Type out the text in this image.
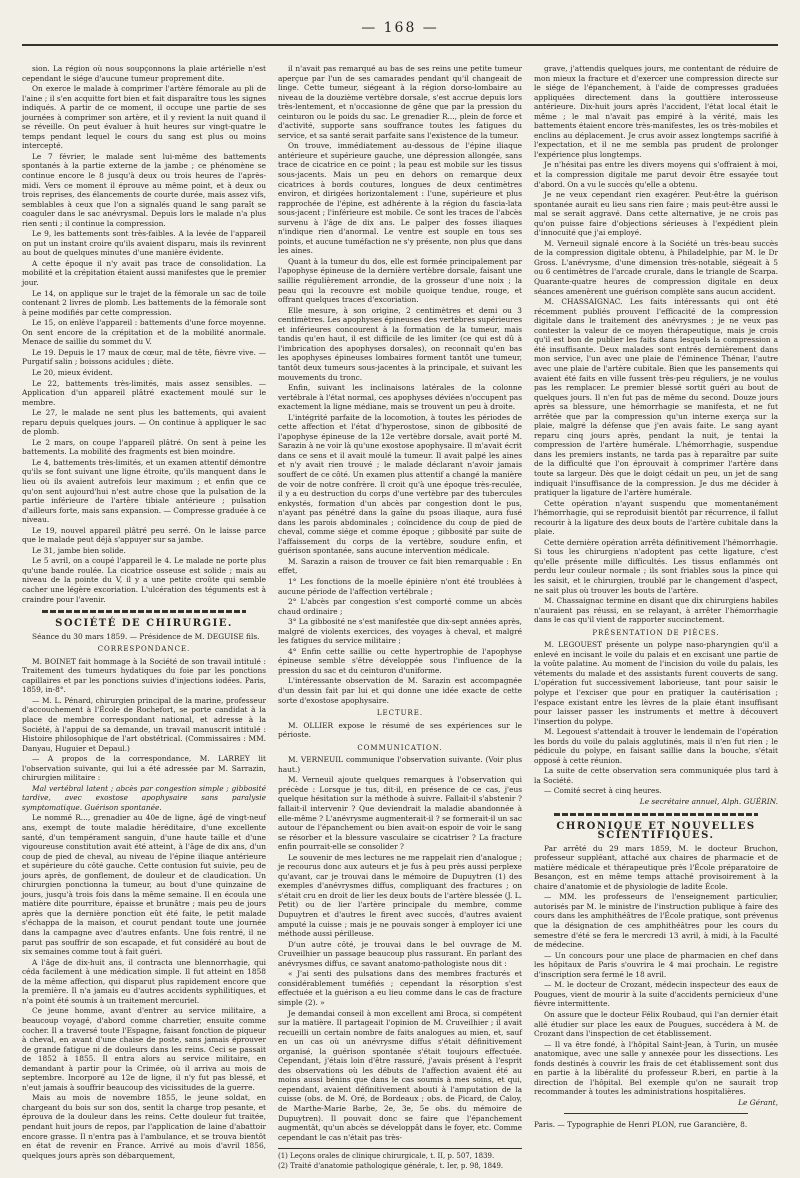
— 168 —

sion. La région où nous soupçonnons la plaie artérielle n'est cependant le siége d'aucune tumeur proprement dite.

On exerce le malade à comprimer l'artère fémorale au pli de l'aine ; il s'en acquitte fort bien et fait disparaître tous les signes indiqués. A partir de ce moment, il occupe une partie de ses journées à comprimer son artère, et il y revient la nuit quand il se réveille. On peut évaluer à huit heures sur vingt-quatre le temps pendant lequel le cours du sang est plus ou moins intercepté.

Le 7 février, le malade sent lui-même des battements spontanés à la partie externe de la jambe ; ce phénomène se continue encore le 8 jusqu'à deux ou trois heures de l'après-midi. Vers ce moment il éprouve au même point, et à deux ou trois reprises, des élancements de courte durée, mais assez vifs, semblables à ceux que l'on a signalés quand le sang paraît se coaguler dans le sac anévrysmal. Depuis lors le malade n'a plus rien senti ; il continue la compression.

Le 9, les battements sont très-faibles. A la levée de l'appareil on put un instant croire qu'ils avaient disparu, mais ils revinrent au bout de quelques minutes d'une manière évidente.

A cette époque il n'y avait pas trace de consolidation. La mobilité et la crépitation étaient aussi manifestes que le premier jour.

Le 14, on applique sur le trajet de la fémorale un sac de toile contenant 2 livres de plomb. Les battements de la fémorale sont à peine modifiés par cette compression.

Le 15, on enlève l'appareil : battements d'une force moyenne. On sent encore de la crépitation et de la mobilité anormale. Menace de saillie du sommet du V.

Le 19. Depuis le 17 maux de cœur, mal de tête, fièvre vive. — Purgatif salin ; boissons acidules ; diète.

Le 20, mieux évident.

Le 22, battements très-limités, mais assez sensibles. — Application d'un appareil plâtré exactement moulé sur le membre.

Le 27, le malade ne sent plus les battements, qui avaient reparu depuis quelques jours. — On continue à appliquer le sac de plomb.

Le 2 mars, on coupe l'appareil plâtré. On sent à peine les battements. La mobilité des fragments est bien moindre.

Le 4, battements très-limités, et un examen attentif démontre qu'ils se font suivant une ligne étroite, qu'ils manquent dans le lieu où ils avaient autrefois leur maximum ; et enfin que ce qu'on sent aujourd'hui n'est autre chose que la pulsation de la partie inférieure de l'artère tibiale antérieure ; pulsation d'ailleurs forte, mais sans expansion. — Compresse graduée à ce niveau.

Le 19, nouvel appareil plâtré peu serré. On le laisse parce que le malade peut déjà s'appuyer sur sa jambe.

Le 31, jambe bien solide.

Le 5 avril, on a coupé l'appareil le 4. Le malade ne porte plus qu'une bande roulée. La cicatrice osseuse est solide ; mais au niveau de la pointe du V, il y a une petite croûte qui semble cacher une légère excoriation. L'ulcération des téguments est à craindre pour l'avenir.

SOCIÉTÉ DE CHIRURGIE.

Séance du 30 mars 1859. — Présidence de M. DEGUISE fils.

CORRESPONDANCE.

M. BOINET fait hommage à la Société de son travail intitulé : Traitement des tumeurs hydatiques du foie par les ponctions capillaires et par les ponctions suivies d'injections iodées. Paris, 1859, in-8°.

— M. L. Pénard, chirurgien principal de la marine, professeur d'accouchement à l'École de Rochefort, se porte candidat à la place de membre correspondant national, et adresse à la Société, à l'appui de sa demande, un travail manuscrit intitulé : Histoire philosophique de l'art obstétrical. (Commissaires : MM. Danyau, Huguier et Depaul.)

— A propos de la correspondance, M. LARREY lit l'observation suivante, qui lui a été adressée par M. Sarrazin, chirurgien militaire :

Mal vertébral latent ; abcès par congestion simple ; gibbosité tardive, avec exostose apophysaire sans paralysie symptomatique. Guérison spontanée.

Le nommé R..., grenadier au 40e de ligne, âgé de vingt-neuf ans, exempt de toute maladie héréditaire, d'une excellente santé, d'un tempérament sanguin, d'une haute taille et d'une vigoureuse constitution avait été atteint, à l'âge de dix ans, d'un coup de pied de cheval, au niveau de l'épine iliaque antérieure et supérieure du côté gauche. Cette contusion fut suivie, peu de jours après, de gonflement, de douleur et de claudication. Un chirurgien ponctionna la tumeur, au bout d'une quinzaine de jours, jusqu'à trois fois dans la même semaine. Il en écoula une matière dite pourriture, épaisse et brunâtre ; mais peu de jours après que la dernière ponction eût été faite, le petit malade s'échappa de la maison, et courut pendant toute une journée dans la campagne avec d'autres enfants. Une fois rentré, il ne parut pas souffrir de son escapade, et fut considéré au bout de six semaines comme tout à fait guéri.

A l'âge de dix-huit ans, il contracta une blennorrhagie, qui céda facilement à une médication simple. Il fut atteint en 1858 de la même affection, qui disparut plus rapidement encore que la première. Il n'a jamais eu d'autres accidents syphilitiques, et n'a point été soumis à un traitement mercuriel.

Ce jeune homme, avant d'entrer au service militaire, a beaucoup voyagé, d'abord comme charretier, ensuite comme cocher. Il a traversé toute l'Espagne, faisant fonction de piqueur à cheval, en avant d'une chaise de poste, sans jamais éprouver de grande fatigue ni de douleurs dans les reins. Ceci se passait de 1852 à 1855. Il entra alors au service militaire, en demandant à partir pour la Crimée, où il arriva au mois de septembre. Incorporé au 12e de ligne, il n'y fut pas blessé, et n'eut jamais à souffrir beaucoup des vicissitudes de la guerre.

Mais au mois de novembre 1855, le jeune soldat, en chargeant du bois sur son dos, sentit la charge trop pesante, et éprouva de la douleur dans les reins. Cette douleur fut traitée, pendant huit jours de repos, par l'application de laine d'abattoir encore grasse. Il n'entra pas à l'ambulance, et se trouva bientôt en état de revenir en France. Arrivé au mois d'avril 1856, quelques jours après son débarquement,

il n'avait pas remarqué au bas de ses reins une petite tumeur aperçue par l'un de ses camarades pendant qu'il changeait de linge. Cette tumeur, siégeant à la région dorso-lombaire au niveau de la douzième vertèbre dorsale, s'est accrue depuis lors très-lentement, et n'occasionne de gêne que par la pression du ceinturon ou le poids du sac. Le grenadier R..., plein de force et d'activité, supporte sans souffrance toutes les fatigues du service, et sa santé serait parfaite sans l'existence de la tumeur.

On trouve, immédiatement au-dessous de l'épine iliaque antérieure et supérieure gauche, une dépression allongée, sans trace de cicatrice en ce point ; la peau est mobile sur les tissus sous-jacents. Mais un peu en dehors on remarque deux cicatrices à bords coutures, longues de deux centimètres environ, et dirigées horizontalement : l'une, supérieure et plus rapprochée de l'épine, est adhérente à la région du fascia-lata sous-jacent ; l'inférieure est mobile. Ce sont les traces de l'abcès survenu à l'âge de dix ans. Le palper des fosses iliaques n'indique rien d'anormal. Le ventre est souple en tous ses points, et aucune tuméfaction ne s'y présente, non plus que dans les aines.

Quant à la tumeur du dos, elle est formée principalement par l'apophyse épineuse de la dernière vertèbre dorsale, faisant une saillie régulièrement arrondie, de la grosseur d'une noix ; la peau qui la recouvre est mobile quoique tendue, rouge, et offrant quelques traces d'excoriation.

Elle mesure, à son origine, 2 centimètres et demi ou 3 centimètres. Les apophyses épineuses des vertèbres supérieures et inférieures concourent à la formation de la tumeur, mais tandis qu'en haut, il est difficile de les limiter (ce qui est dû à l'imbrication des apophyses dorsales), on reconnaît qu'en bas les apophyses épineuses lombaires forment tantôt une tumeur, tantôt deux tumeurs sous-jacentes à la principale, et suivant les mouvements du tronc.

Enfin, suivant les inclinaisons latérales de la colonne vertébrale à l'état normal, ces apophyses déviées n'occupent pas exactement la ligne médiane, mais se trouvent un peu à droite.

L'intégrité parfaite de la locomotion, à toutes les périodes de cette affection et l'état d'hyperostose, sinon de gibbosité de l'apophyse épineuse de la 12e vertèbre dorsale, avait porté M. Sarazin à ne voir là qu'une exostose apophysaire. Il m'avait écrit dans ce sens et il avait moulé la tumeur. Il avait palpé les aines et n'y avait rien trouvé ; le malade déclarant n'avoir jamais souffert de ce côté. Un examen plus attentif a changé la manière de voir de notre confrère. Il croit qu'à une époque très-reculée, il y a eu destruction du corps d'une vertèbre par des tubercules enkystés, formation d'un abcès par congestion dont le pus, n'ayant pas pénétré dans la gaîne du psoas iliaque, aura fusé dans les parois abdominales ; coïncidence du coup de pied de cheval, comme siége et comme époque ; gibbosité par suite de l'affaissement du corps de la vertèbre, soudure enfin, et guérison spontanée, sans aucune intervention médicale.

M. Sarazin a raison de trouver ce fait bien remarquable : En effet,

1° Les fonctions de la moelle épinière n'ont été troublées à aucune période de l'affection vertébrale ;

2° L'abcès par congestion s'est comporté comme un abcès chaud ordinaire ;

3° La gibbosité ne s'est manifestée que dix-sept années après, malgré de violents exercices, des voyages à cheval, et malgré les fatigues du service militaire ;

4° Enfin cette saillie ou cette hypertrophie de l'apophyse épineuse semble s'être développée sous l'influence de la pression du sac et du ceinturon d'uniforme.

L'intéressante observation de M. Sarazin est accompagnée d'un dessin fait par lui et qui donne une idée exacte de cette sorte d'exostose apophysaire.

LECTURE.

M. OLLIER expose le résumé de ses expériences sur le périoste.

COMMUNICATION.

M. VERNEUIL communique l'observation suivante. (Voir plus haut.)

M. Verneuil ajoute quelques remarques à l'observation qui précède : Lorsque je tus, dit-il, en présence de ce cas, j'eus quelque hésitation sur la méthode à suivre. Fallait-il s'abstenir ? fallait-il intervenir ? Que deviendrait la maladie abandonnée à elle-même ? L'anévrysme augmenterait-il ? se formerait-il un sac autour de l'épanchement ou bien avait-on espoir de voir le sang se résorber et la blessure vasculaire se cicatriser ? La fracture enfin pourrait-elle se consolider ?

Le souvenir de mes lectures ne me rappelait rien d'analogue ; je recourus donc aux auteurs et je fus à peu près aussi perplexe qu'avant, car je trouvai dans le mémoire de Dupuytren (1) des exemples d'anévrysmes diffus, compliquant des fractures ; on s'était cru en droit de lier les deux bouts de l'artère blessée (J. L. Petit) ou de lier l'artère principale du membre, comme Dupuytren et d'autres le firent avec succès, d'autres avaient amputé la cuisse ; mais je ne pouvais songer à employer ici une méthode aussi périlleuse.

D'un autre côté, je trouvai dans le bel ouvrage de M. Cruveilhier un passage beaucoup plus rassurant. En parlant des anévrysmes diffus, ce savant anatomo-pathologiste nous dit :

« J'ai senti des pulsations dans des membres fracturés et considérablement tuméfiés ; cependant la résorption s'est effectuée et la guérison a eu lieu comme dans le cas de fracture simple (2). »

Je demandai conseil à mon excellent ami Broca, si compétent sur la matière. Il partageait l'opinion de M. Cruveilhier ; il avait recueilli un certain nombre de faits analogues au mien, et, sauf en un cas où un anévrysme diffus s'était définitivement organisé, la guérison spontanée s'était toujours effectuée. Cependant, j'étais loin d'être rassuré, j'avais présent à l'esprit des observations où les débuts de l'affection avaient été au moins aussi bénins que dans le cas soumis à mes soins, et qui, cependant, avaient définitivement abouti à l'amputation de la cuisse (obs. de M. Oré, de Bordeaux ; obs. de Picard, de Caloy, de Marthe-Marie Barbe, 2e, 3e, 5e obs. du mémoire de Dupuytren). Il pouvait donc se faire que l'épanchement augmentât, qu'un abcès se développât dans le foyer, etc. Comme cependant le cas n'était pas très-

(1) Leçons orales de clinique chirurgicale, t. II, p. 507, 1839.
(2) Traité d'anatomie pathologique générale, t. Ier, p. 98, 1849.

grave, j'attendis quelques jours, me contentant de réduire de mon mieux la fracture et d'exercer une compression directe sur le siége de l'épanchement, à l'aide de compresses graduées appliquées directement dans la gouttière interosseuse antérieure. Dix-huit jours après l'accident, l'état local était le même ; le mal n'avait pas empiré à la vérité, mais les battements étaient encore très-manifestes, les os très-mobiles et enclins au déplacement. Je crus avoir assez longtemps sacrifié à l'expectation, et il ne me sembla pas prudent de prolonger l'expérience plus longtemps.

Je n'hésitai pas entre les divers moyens qui s'offraient à moi, et la compression digitale me parut devoir être essayée tout d'abord. On a vu le succès qu'elle a obtenu.

Je ne veux cependant rien exagérer. Peut-être la guérison spontanée aurait eu lieu sans rien faire ; mais peut-être aussi le mal se serait aggravé. Dans cette alternative, je ne crois pas qu'on puisse faire d'objections sérieuses à l'expédient plein d'innocuité que j'ai employé.

M. Verneuil signalé encore à la Société un très-beau succès de la compression digitale obtenu, à Philadelphie, par M. le Dr Gross. L'anévrysme, d'une dimension très-notable, siégeait à 5 ou 6 centimètres de l'arcade crurale, dans le triangle de Scarpa. Quarante-quatre heures de compression digitale en deux séances amenèrent une guérison complète sans aucun accident.

M. CHASSAIGNAC. Les faits intéressants qui ont été récemment publiés prouvent l'efficacité de la compression digitale dans le traitement des anévrysmes ; je ne veux pas contester la valeur de ce moyen thérapeutique, mais je crois qu'il est bon de publier les faits dans lesquels la compression a été insuffisante. Deux malades sont entrés dernièrement dans mon service, l'un avec une plaie de l'éminence Thénar, l'autre avec une plaie de l'artère cubitale. Bien que les pansements qui avaient été faits en ville fussent très-peu réguliers, je ne voulus pas les remplacer. Le premier blessé sortit guéri au bout de quelques jours. Il n'en fut pas de même du second. Douze jours après sa blessure, une hémorrhagie se manifesta, et ne fut arrêtée que par la compression qu'un interne exerça sur la plaie, malgré la défense que j'en avais faite. Le sang ayant reparu cinq jours après, pendant la nuit, je tentai la compression de l'artère humérale. L'hémorrhagie, suspendue dans les premiers instants, ne tarda pas à reparaître par suite de la difficulté que l'on éprouvait à comprimer l'artère dans toute sa largeur. Dès que le doigt cédait un peu, un jet de sang indiquait l'insuffisance de la compression. Je dus me décider à pratiquer la ligature de l'artère humérale.

Cette opération n'ayant suspendu que momentanément l'hémorrhagie, qui se reproduisit bientôt par récurrence, il fallut recourir à la ligature des deux bouts de l'artère cubitale dans la plaie.

Cette dernière opération arrêta définitivement l'hémorrhagie. Si tous les chirurgiens n'adoptent pas cette ligature, c'est qu'elle présente mille difficultés. Les tissus enflammés ont perdu leur couleur normale ; ils sont friables sous la pince qui les saisit, et le chirurgien, troublé par le changement d'aspect, ne sait plus où trouver les bouts de l'artère.

M. Chassaignac termine en disant que dix chirurgiens habiles n'auraient pas réussi, en se relayant, à arrêter l'hémorrhagie dans le cas qu'il vient de rapporter succinctement.

PRÉSENTATION DE PIÈCES.

M. LEGOUEST présente un polype naso-pharyngien qu'il a enlevé en incisant le voile du palais et en excisant une partie de la voûte palatine. Au moment de l'incision du voile du palais, les vétements du malade et des assistants furent couverts de sang. L'opération fut successivement laborieuse, tant pour saisir le polype et l'exciser que pour en pratiquer la cautérisation ; l'espace existant entre les lèvres de la plaie étant insuffisant pour laisser passer les instruments et mettre à découvert l'insertion du polype.

M. Legouest s'attendait à trouver le lendemain de l'opération les bords du voile du palais agglutinés, mais il n'en fut rien ; le pédicule du polype, en faisant saillie dans la bouche, s'était opposé à cette réunion.

La suite de cette observation sera communiquée plus tard à la Société.

— Comité secret à cinq heures.

Le secrétaire annuel, Alph. GUÉRIN.
CHRONIQUE ET NOUVELLES SCIENTIFIQUES.

Par arrêté du 29 mars 1859, M. le docteur Bruchon, professeur suppléant, attaché aux chaires de pharmacie et de matière médicale et thérapeutique près l'École préparatoire de Besançon, est en même temps attaché provisoirement à la chaire d'anatomie et de physiologie de ladite École.

— MM. les professeurs de l'enseignement particulier, autorisés par M. le ministre de l'instruction publique à faire des cours dans les amphithéâtres de l'École pratique, sont prévenus que la désignation de ces amphithéâtres pour les cours du semestre d'été se fera le mercredi 13 avril, à midi, à la Faculté de médecine.

— Un concours pour une place de pharmacien en chef dans les hôpitaux de Paris s'ouvrira le 4 mai prochain. Le registre d'inscription sera fermé le 18 avril.

— M. le docteur de Crozant, médecin inspecteur des eaux de Pougues, vient de mourir à la suite d'accidents pernicieux d'une fièvre intermittente.

On assure que le docteur Félix Roubaud, qui l'an dernier était allé étudier sur place les eaux de Pougues, succédera à M. de Crozant dans l'inspection de cet établissement.

— Il va être fondé, à l'hôpital Saint-Jean, à Turin, un musée anatomique, avec une salle y annexée pour les dissections. Les fonds destinés à couvrir les frais de cet établissement sont dus en partie à la libéralité du professeur R.beri, en partie à la direction de l'hôpital. Bel exemple qu'on ne saurait trop recommander à toutes les administrations hospitalières.

Le Gérant,
Paris. — Typographie de Henri PLON, rue Garancière, 8.
